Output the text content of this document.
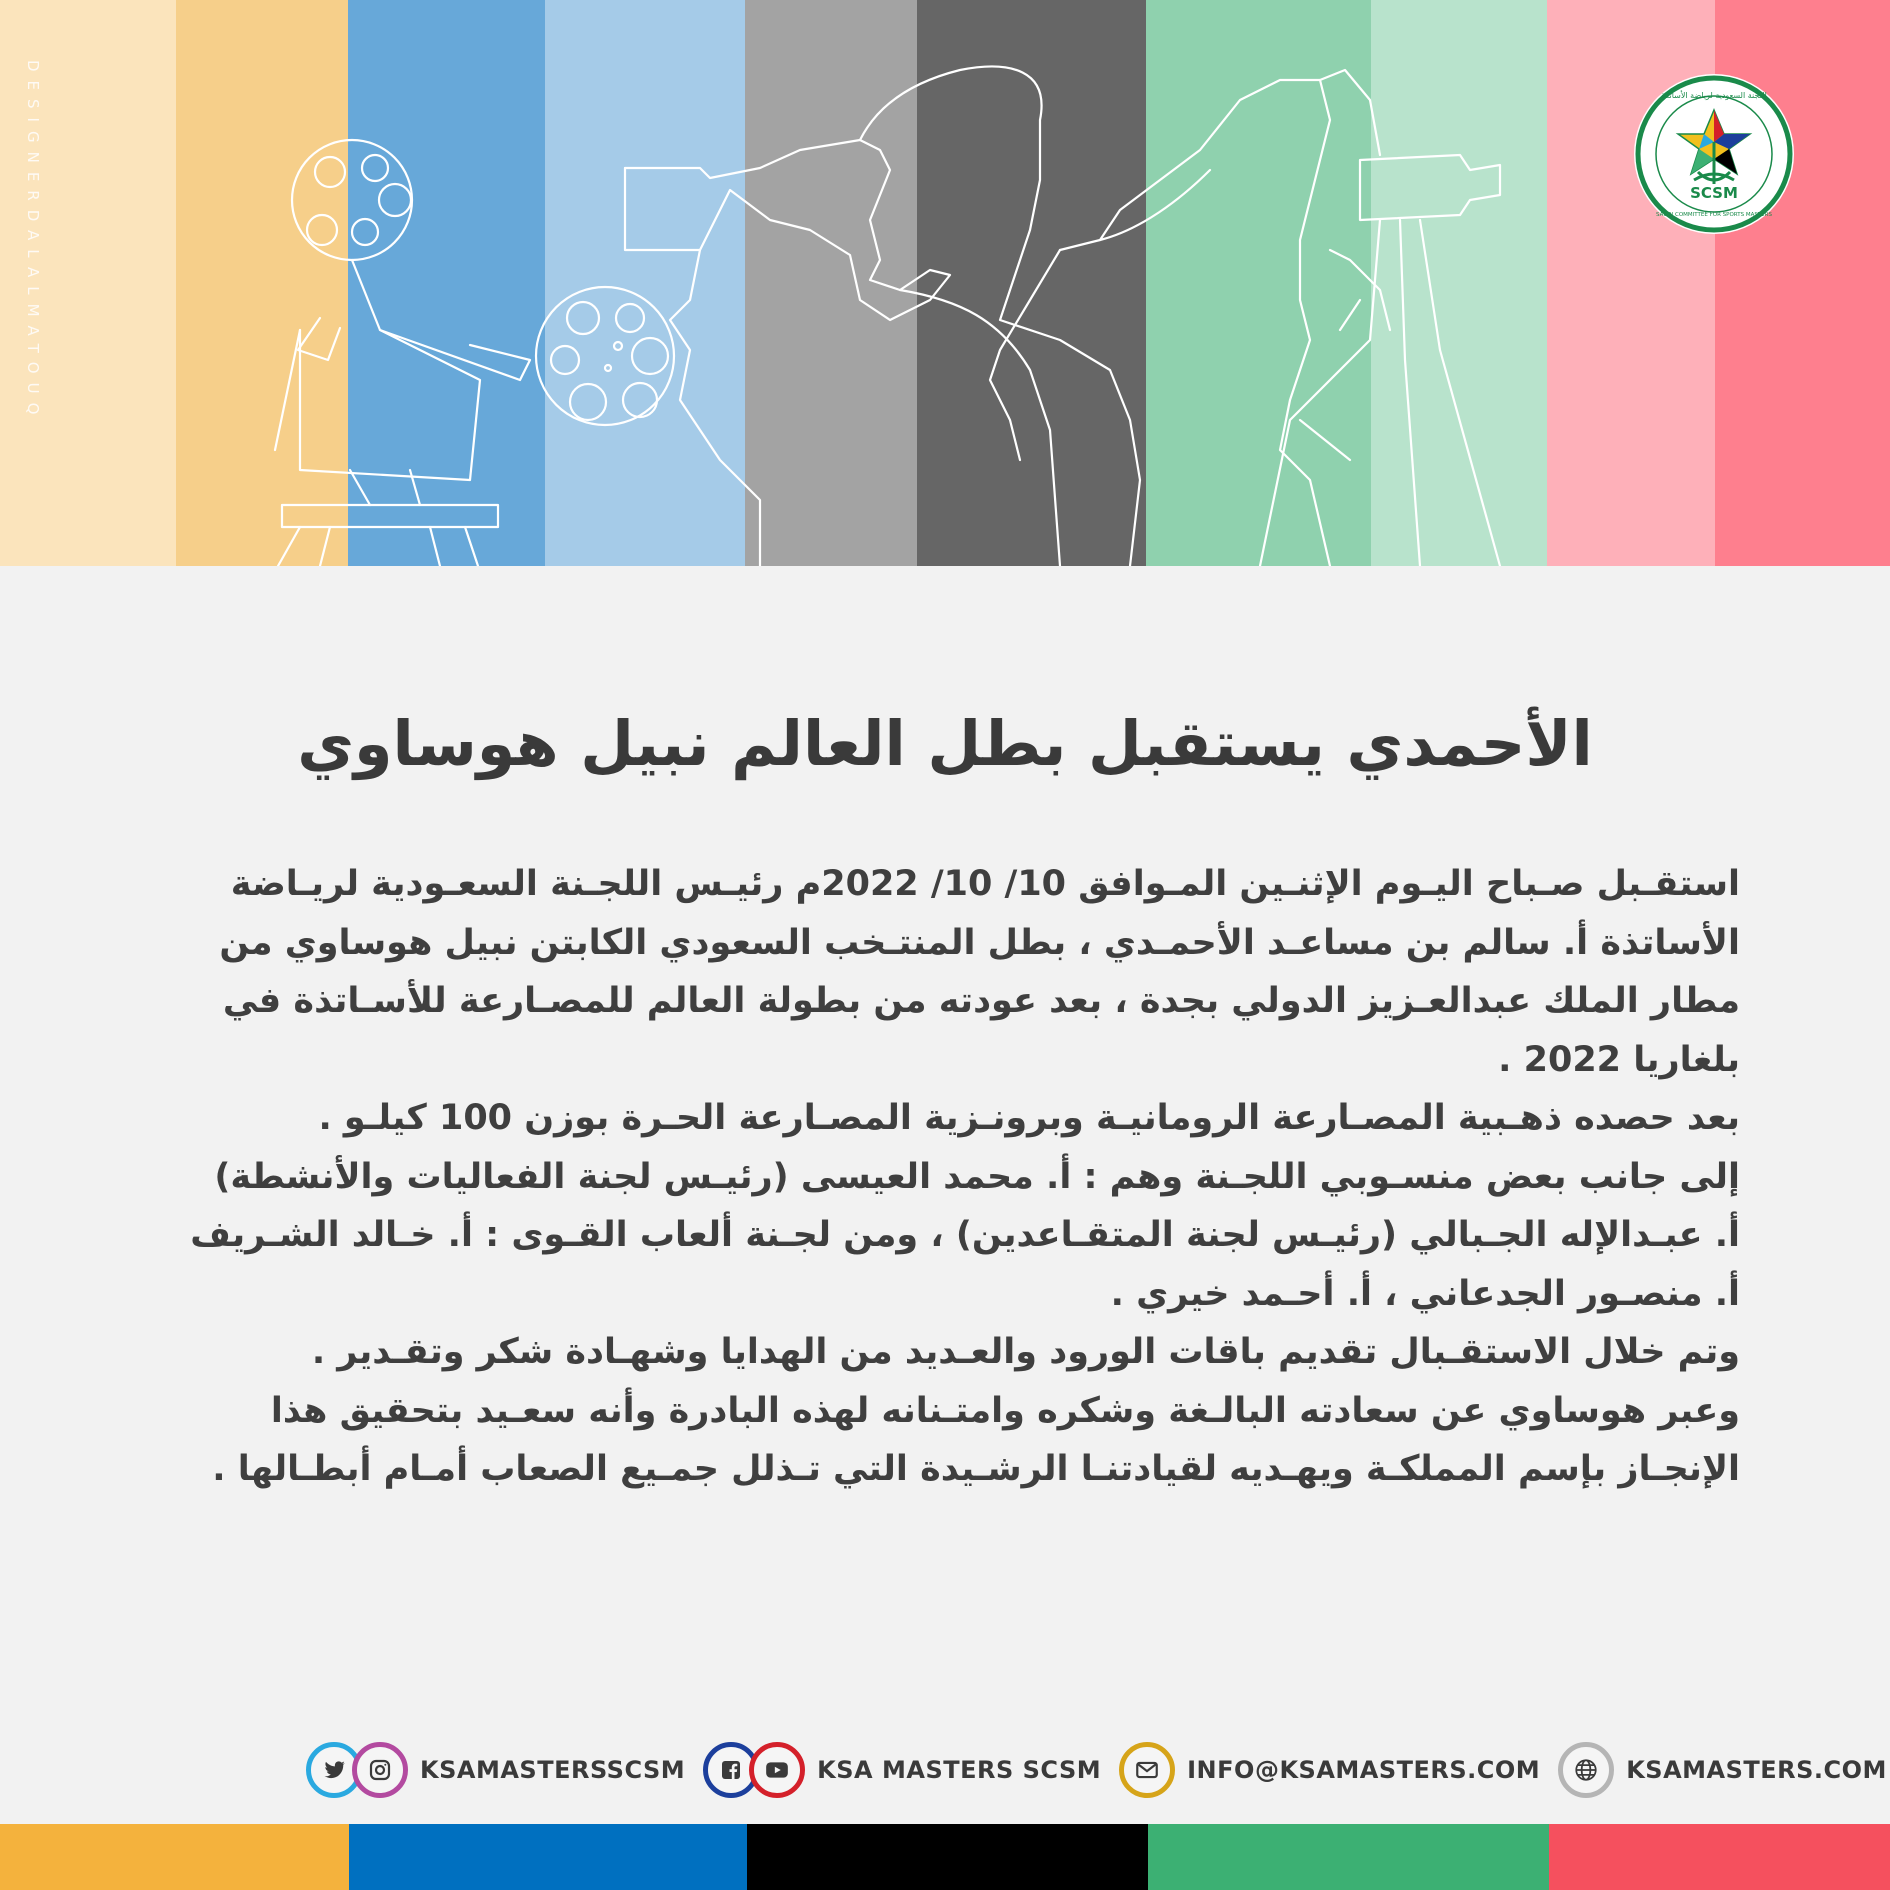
DESIGNERDALALMATOUQ	SCSM
اللجنة السعودية لرياضة الأساتذة
SAUDI COMMITTEE FOR SPORTS MASTERS
الأحمدي يستقبل بطل العالم نبيل هوساوي
استقـبل صـباح اليـوم الإثنـين المـوافق 10/ 10/ 2022م رئيـس اللجـنة السعـودية لريـاضة
الأساتذة أ. سالم بن مساعـد الأحمـدي ، بطل المنتـخب السعودي الكابتن نبيل هوساوي من
مطار الملك عبدالعـزيز الدولي بجدة ، بعد عودته من بطولة العالم للمصـارعة للأسـاتذة في
بلغاريا 2022 .
بعد حصده ذهـبية المصـارعة الرومانيـة وبرونـزية المصـارعة الحـرة بوزن 100 كيلـو .
إلى جانب بعض منسـوبي اللجـنة وهم : أ. محمد العيسى (رئيـس لجنة الفعاليات والأنشطة)
أ. عبـدالإله الجـبالي (رئيـس لجنة المتقـاعدين) ، ومن لجـنة ألعاب القـوى : أ. خـالد الشـريف
أ. منصـور الجدعاني ، أ. أحـمد خيري .
وتم خلال الاستقـبال تقديم باقات الورود والعـديد من الهدايا وشهـادة شكر وتقـدير .
وعبر هوساوي عن سعادته البالـغة وشكره وامتـنانه لهذه البادرة وأنه سعـيد بتحقيق هذا
الإنجـاز بإسم المملكـة ويهـديه لقيادتنـا الرشـيدة التي تـذلل جمـيع الصعاب أمـام أبطـالها .
KSAMASTERSSCSM	KSA MASTERS SCSM	INFO@KSAMASTERS.COM	KSAMASTERS.COM
